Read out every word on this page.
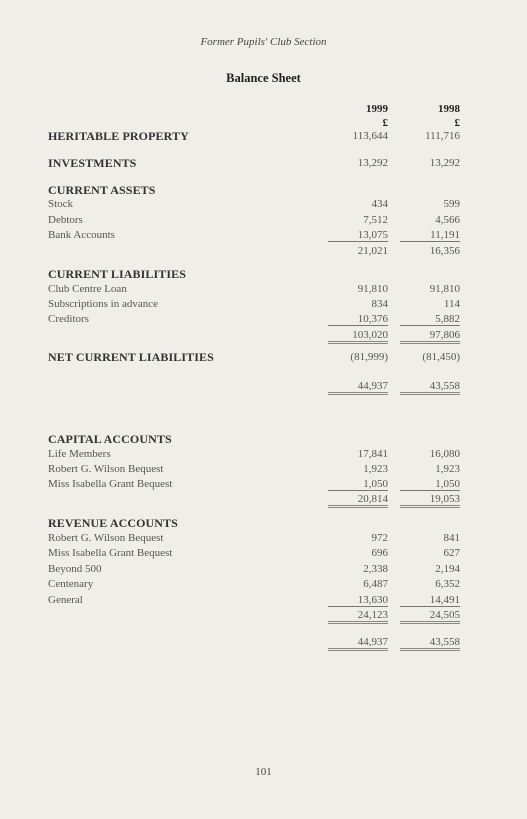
Former Pupils' Club Section
Balance Sheet
1999	1998
£	£
HERITABLE PROPERTY	113,644	111,716
INVESTMENTS	13,292	13,292
CURRENT ASSETS
Stock	434	599
Debtors	7,512	4,566
Bank Accounts	13,075	11,191
21,021	16,356
CURRENT LIABILITIES
Club Centre Loan	91,810	91,810
Subscriptions in advance	834	114
Creditors	10,376	5,882
103,020	97,806
NET CURRENT LIABILITIES	(81,999)	(81,450)
44,937	43,558
CAPITAL ACCOUNTS
Life Members	17,841	16,080
Robert G. Wilson Bequest	1,923	1,923
Miss Isabella Grant Bequest	1,050	1,050
20,814	19,053
REVENUE ACCOUNTS
Robert G. Wilson Bequest	972	841
Miss Isabella Grant Bequest	696	627
Beyond 500	2,338	2,194
Centenary	6,487	6,352
General	13,630	14,491
24,123	24,505
44,937	43,558
101
